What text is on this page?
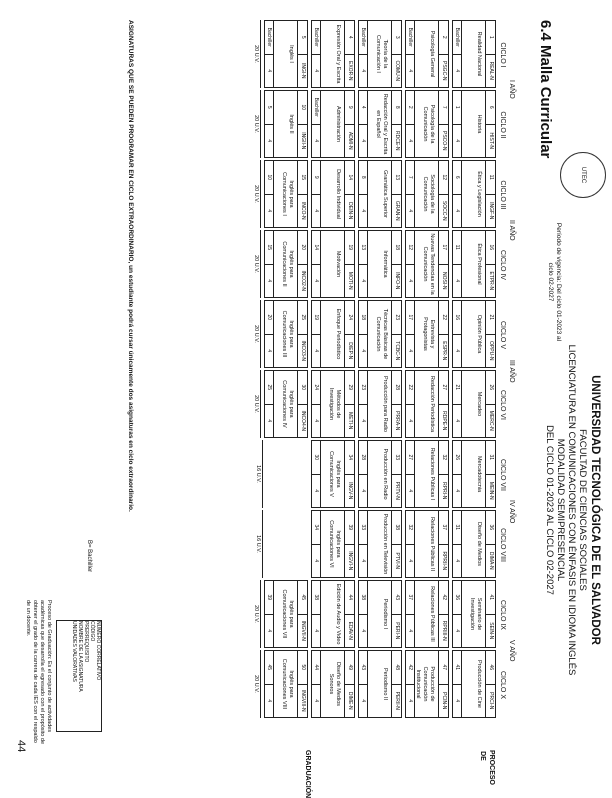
UTEC
UNIVERSIDAD TECNOLÓGICA DE EL SALVADOR
FACULTAD DE CIENCIAS SOCIALES
LICENCIATURA EN COMUNICACIONES CON ÉNFASIS EN IDIOMA INGLÉS
MODALIDAD SEMIPRESENCIAL
DEL CICLO 01-2023 AL CICLO 02-2027
Período de vigencia: Del ciclo 01-2023 al ciclo 02-2027
6.4 Malla Curricular
ASIGNATURAS QUE SE PUEDEN PROGRAMAR EN CICLO EXTRAORDINARIO, un estudiante podrá cursar únicamente dos asignaturas en ciclo extraordinario.
PROCESO DE
GRADUACIÓN
B= Bachiller
NÚMERO CORRELATIVO
CÓDIGO
PRERREQUISITO
NOMBRE DE LA ASIGNATURA
UNIDADES VALORATIVAS
Proceso de Graduación: Es el conjunto de actividades académicas que desarrolla el egresado con el propósito de obtener el grado de la carrera de cada IES con el respaldo de un docente.
44
I AÑO
II AÑO
III AÑO
IV AÑO
V AÑO
CICLO I
CICLO II
CICLO III
CICLO IV
CICLO V
CICLO VI
CICLO VII
CICLO VIII
CICLO IX
CICLO X
1
REAL-N
Realidad Nacional
Bachiller
4
2
PSGC-N
Psicología General
Bachiller
4
3
COMU-N
Teoría de la Comunicación I
Bachiller
4
4
EXOR-N
Expresión Oral y Escrita
Bachiller
4
5
INGI-N
Inglés I
Bachiller
4
20 U.V.
6
HIST-N
Historia
1
4
7
PSCO-N
Psicología de la Comunicación
2
4
8
RDCE-N
Redacción Oral y Escrita en Español
4
4
9
ADMI-N
Administración
Bachiller
4
10
INGII-N
Inglés II
5
4
20 U.V.
11
INGF-N
Ética y Legislación
6
4
12
SOCC-N
Sociología de la Comunicación
7
4
13
GRAN-N
Gramática Superior
8
4
14
DEIN-N
Desarrollo Individual
9
4
15
INCO-N
Inglés para Comunicaciones I
10
4
20 U.V.
16
ETPR-N
Ética Profesional
11
4
17
NOSI-N
Nuevas Tendencias en la Comunicación
12
4
18
INFO-N
Informática
13
4
19
MOTI-N
Motivación
14
4
20
INCO2-N
Inglés para Comunicaciones II
15
4
20 U.V.
21
OPPU-N
Opinión Pública
16
4
22
ESPR-N
Entrevista y Protagonistas
17
4
23
TCBC-N
Técnicas Básicas de Comunicación
18
4
24
DIEP-N
Enfoque Periodístico
19
4
25
INCO3-N
Inglés para Comunicaciones III
20
4
20 U.V.
26
MERC-N
Mercadeo
21
4
27
RDPE-N
Redacción Periodística
22
4
28
PRRA-N
Producción para Radio
23
4
29
METI-N
Métodos de Investigación
24
4
30
INCO4-N
Inglés para Comunicaciones IV
25
4
20 U.V.
31
MEIN-N
Mercadotecnia
26
4
32
RPRI-N
Relaciones Públicas I
27
4
33
PRTV-N
Producción en Radio
28
4
34
INGV-N
Inglés para Comunicaciones V
30
4
16 U.V.
36
DIMA-N
Diseño de Medios
31
4
37
RPRII-N
Relaciones Públicas II
32
4
38
PTVI-N
Producción en Televisión
33
4
39
INGVI-N
Inglés para Comunicaciones VI
34
4
16 U.V.
41
SEIN-N
Seminario de Investigación
36
4
42
RPRIII-N
Relaciones Públicas III
37
4
43
PERI-N
Periodismo I
38
4
44
EDAV-N
Edición de Audio y Video
38
4
45
INGVII-N
Inglés para Comunicaciones VII
39
4
20 U.V.
46
PRCI-N
Producción de Cine
41
4
47
PCIN-N
Producción de Comunicación Institucional
42
4
48
PERII-N
Periodismo II
43
4
49
DIME-N
Diseño de Medios Sonoros
44
4
50
INGVIII-N
Inglés para Comunicaciones VIII
45
4
20 U.V.
